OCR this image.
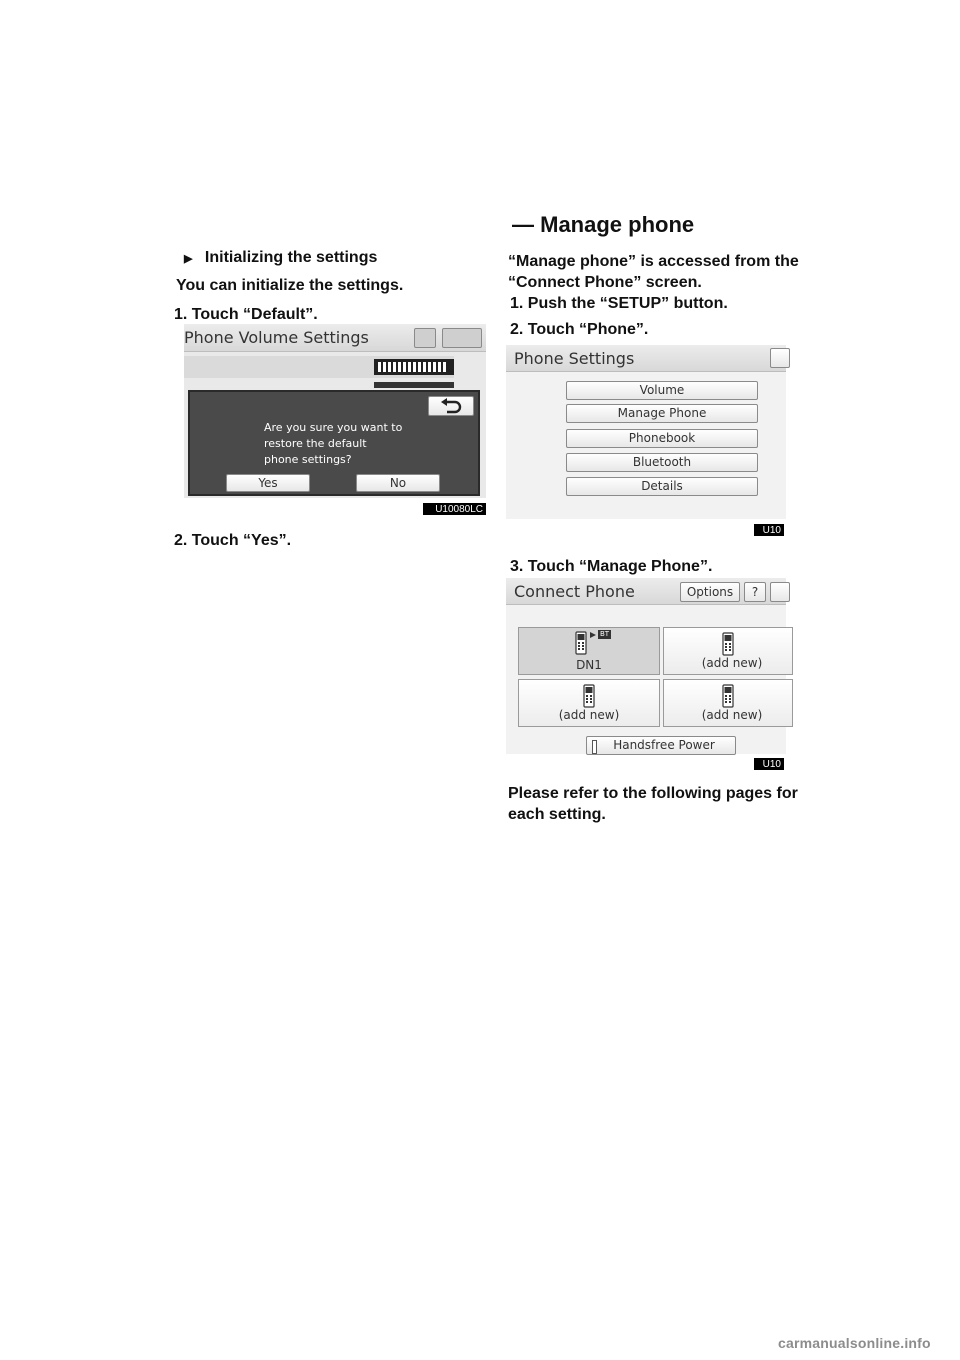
— Manage phone
▶ Initializing the settings
You can initialize the settings.
1. Touch “Default”.
Phone Volume Settings
Are you sure you want to
restore the default
phone settings?
Yes	No
U10080LC
2. Touch “Yes”.
“Manage phone” is accessed from the
“Connect Phone” screen.
1. Push the “SETUP” button.
2. Touch “Phone”.
Phone Settings
Volume
Manage Phone
Phonebook
Bluetooth
Details
U10
3. Touch “Manage Phone”.
Connect Phone	Options	?
BT
DN1	(add new)
(add new)	(add new)
Handsfree Power
U10
Please refer to the following pages for
each setting.
carmanualsonline.info
